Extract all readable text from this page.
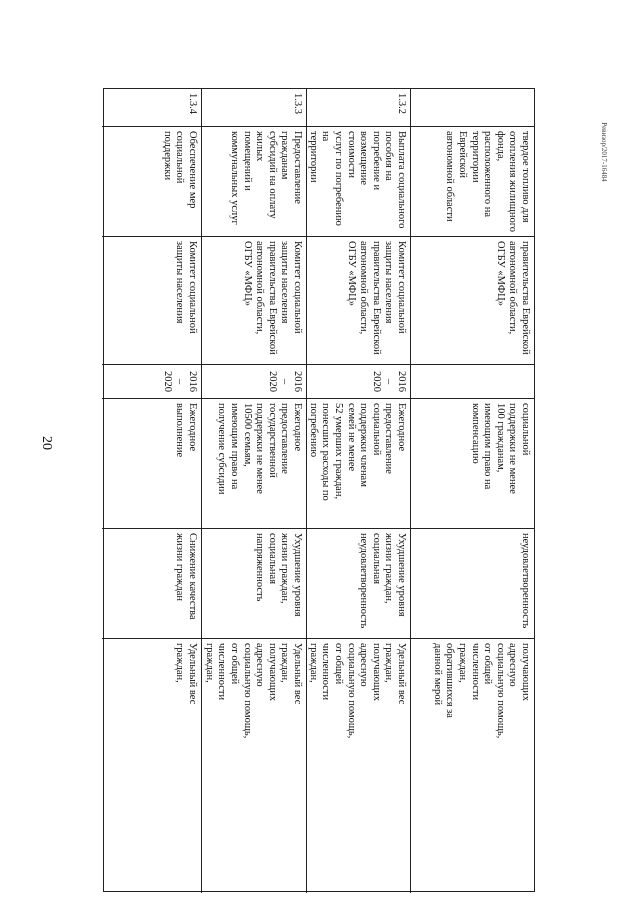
20
Ревизор/2017-16484
твердое топливо для
отопления жилищного
фонда, расположенного на
территории Еврейской
автономной области
правительства Еврейской
автономной области,
ОГБУ «МФЦ»
социальной
поддержки не менее
100 гражданам,
имеющим право на
компенсацию
неудовлетворенность
получающих
адресную
социальную помощь,
от общей
численности
граждан,
обратившихся за
данной мерой
1.3.2
Выплата социального
пособия на погребение и
возмещение стоимости
услуг по погребению на
территории

Комитет социальной
защиты населения
правительства Еврейской
автономной области,
ОГБУ «МФЦ»
2016 –
2020
Ежегодное
предоставление
социальной
поддержки членам
семей не менее
52 умерших граждан,
понесших расходы по
погребению
Ухудшение уровня
жизни граждан,
социальная
неудовлетворенность
Удельный вес
граждан,
получающих
адресную
социальную помощь,
от общей
численности
граждан,

1.3.3
Предоставление гражданам
субсидий на оплату жилых
помещений и
коммунальных услуг
Комитет социальной
защиты населения
правительства Еврейской
автономной области,
ОГБУ «МФЦ»
2016 –
2020
Ежегодное
предоставление
государственной
поддержки не менее
10500 семьям,
имеющим право на
получение субсидии
Ухудшение уровня
жизни граждан,
социальная
напряженность
Удельный вес
граждан,
получающих
адресную
социальную помощь,
от общей
численности
граждан,

1.3.4
Обеспечение мер
социальной поддержки
Комитет социальной
защиты населения
2016 –
2020
Ежегодное
выполнение
Снижение качества
жизни граждан
Удельный вес
граждан,
